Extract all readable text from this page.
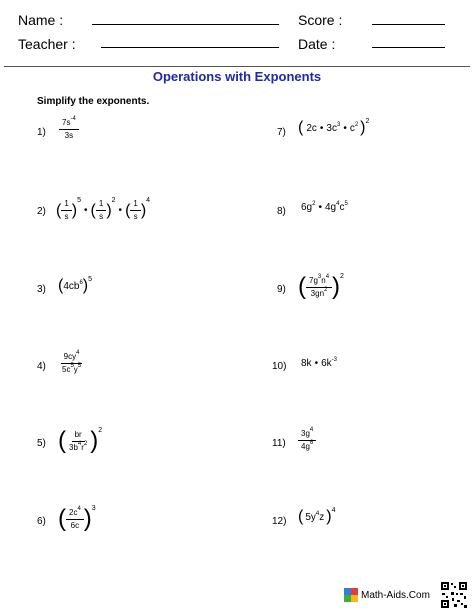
Name :	Score :
Teacher :	Date :
Operations with Exponents
Simplify the exponents.
$1) \frac{7s^{-4}}{3s}$
2) ( $\frac{1}{s}$ )
5
• ( $\frac{1}{s}$ )
2
• ( $\frac{1}{s}$ )
4
3) ( $4cb^6$ ) 5
$4) \frac{9cy^4}{5c^5y^5}$
5) ( $\frac{br}{3b^4r^2}$ ) 2
6) ( $\frac{2c^4}{6c}$ ) 3
7) ( 2c • $3c^3$ • $c^2$ ) 2
8) $6g^2$ • $4g^4c^5$
9) ( $\frac{7g^3n^4}{3gn^2}$ ) 2
10) 8k • $6k^{-3}$
$11) \frac{3g^4}{4g^6}$
12) ( $5y^4z$ ) 4
Math-Aids.Com
